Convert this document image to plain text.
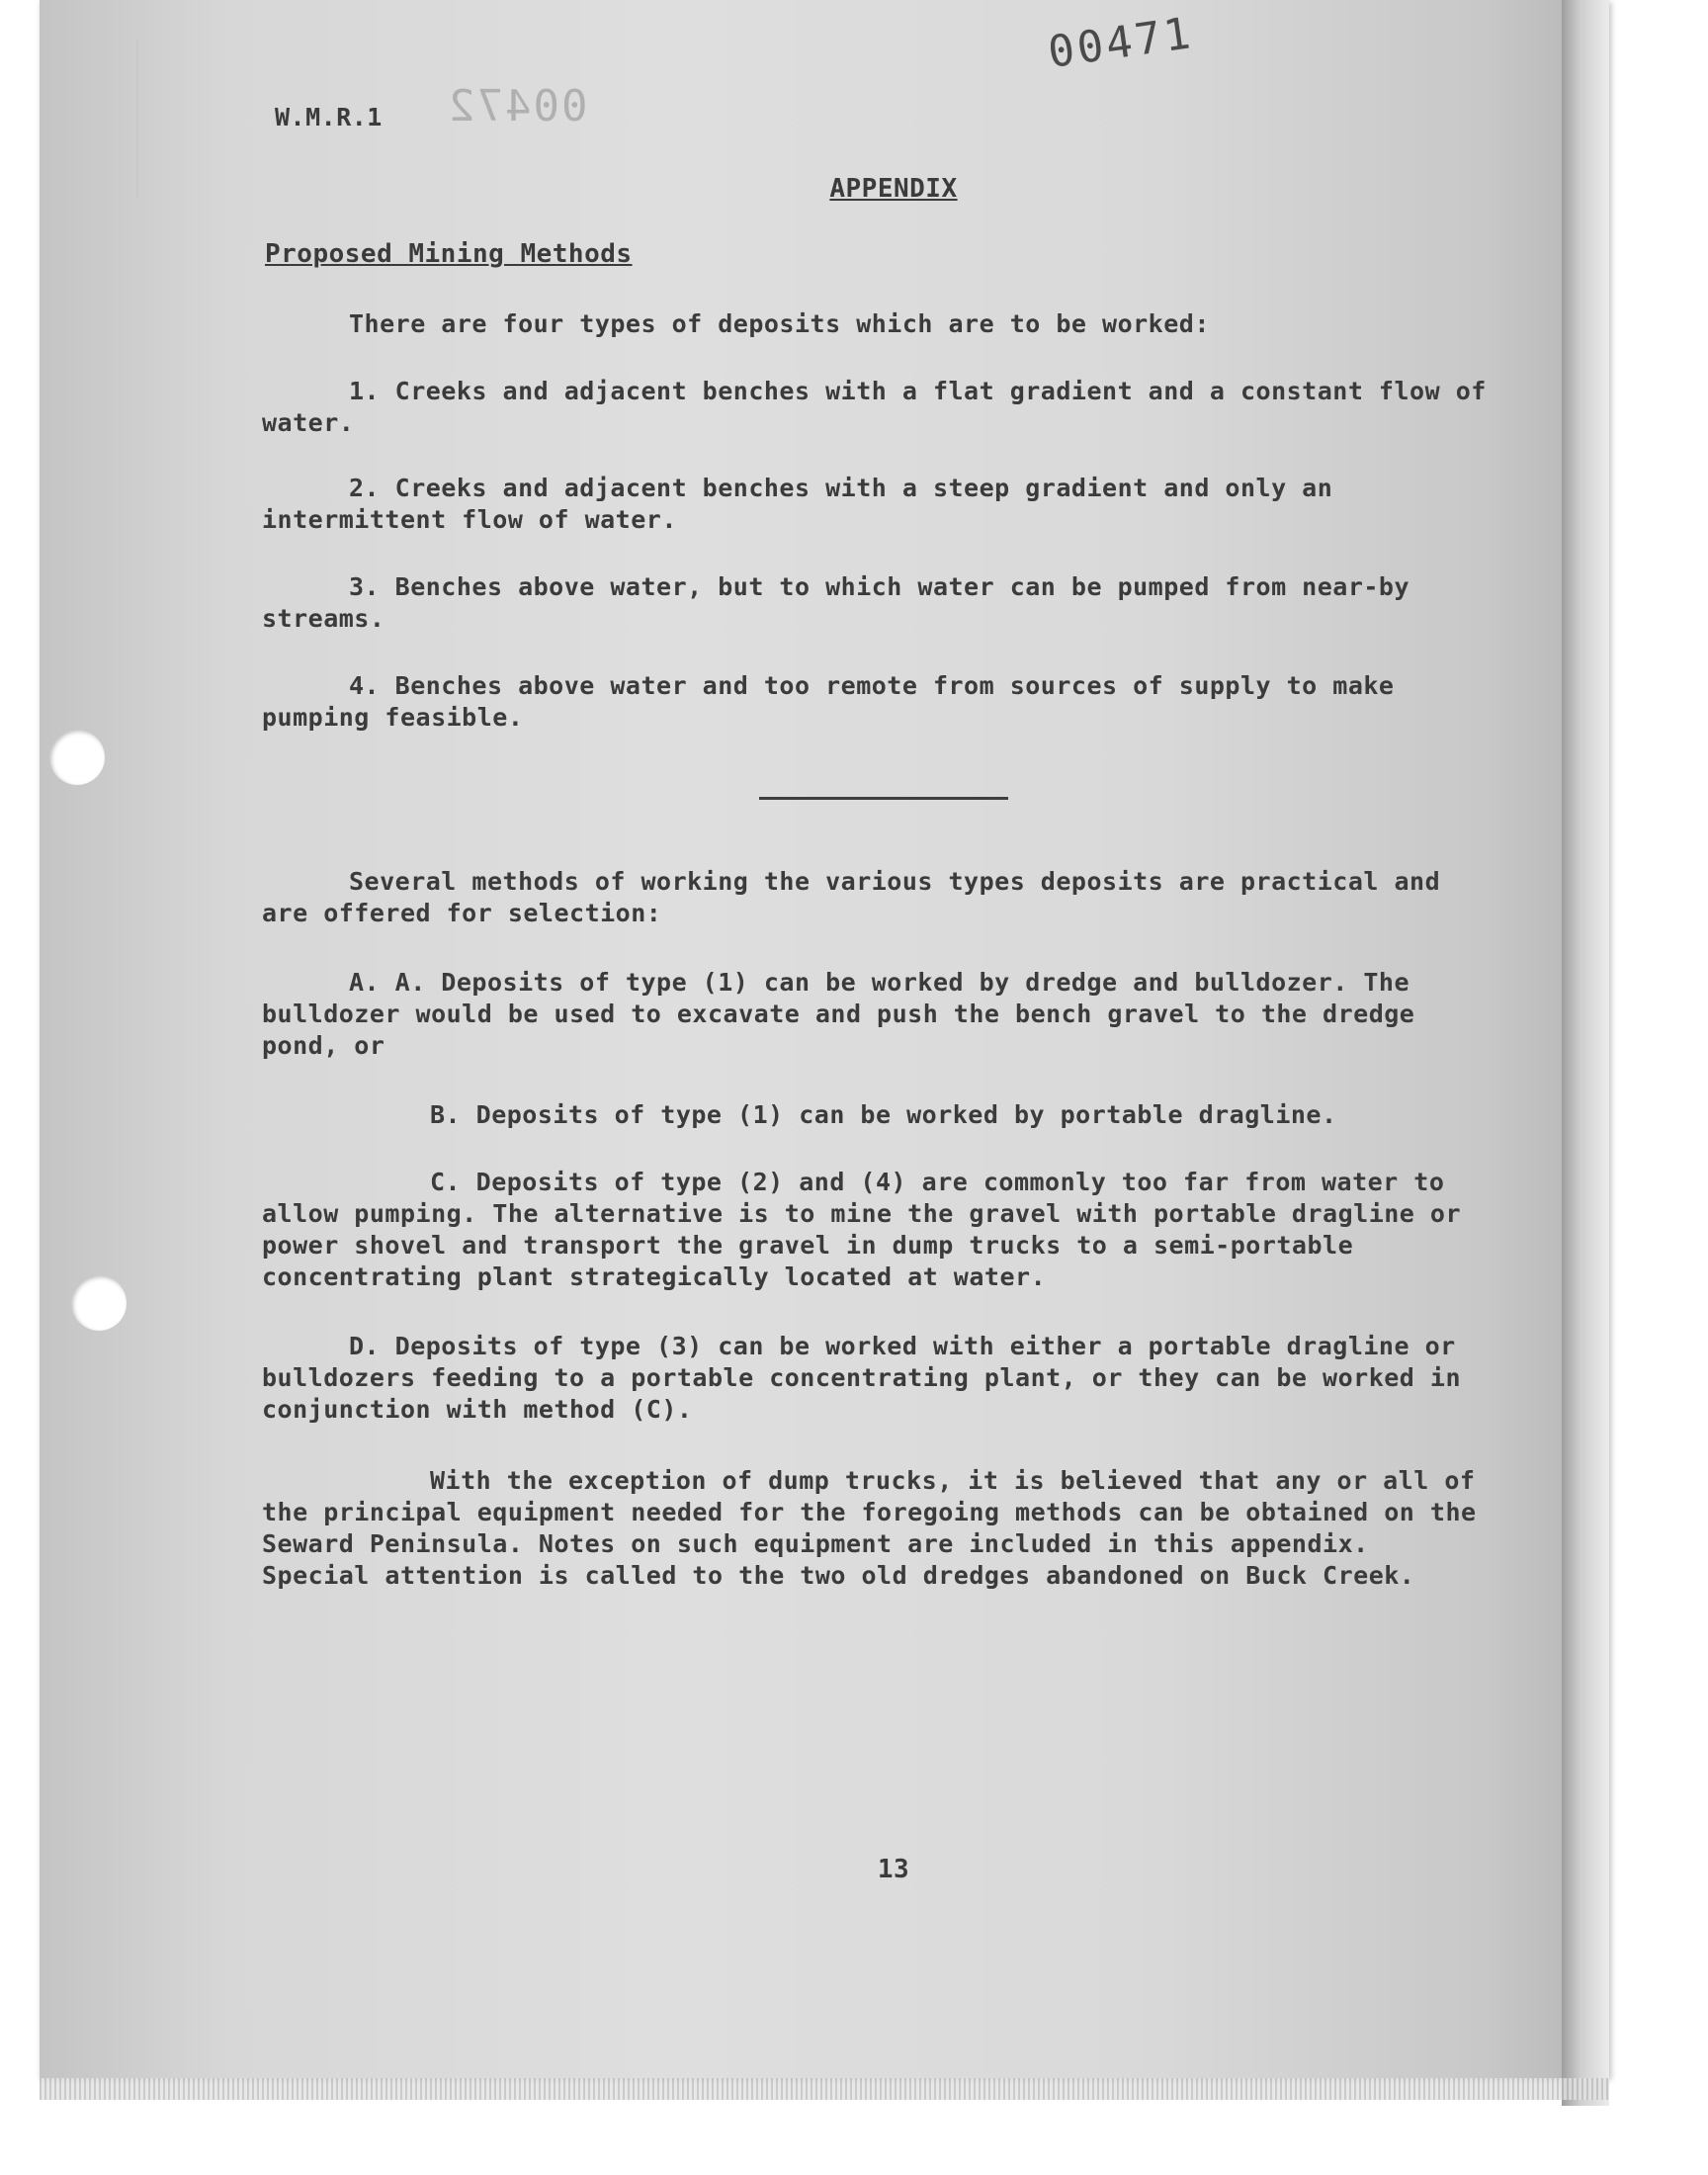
W.M.R.1 00472
00471
APPENDIX
Proposed Mining Methods
There are four types of deposits which are to be worked:
1. Creeks and adjacent benches with a flat gradient and a constant flow of water.
2. Creeks and adjacent benches with a steep gradient and only an intermittent flow of water.
3. Benches above water, but to which water can be pumped from near-by streams.
4. Benches above water and too remote from sources of supply to make pumping feasible.
Several methods of working the various types deposits are practical and are offered for selection:
A. A. Deposits of type (1) can be worked by dredge and bulldozer. The bulldozer would be used to excavate and push the bench gravel to the dredge pond, or
B. Deposits of type (1) can be worked by portable dragline.
C. Deposits of type (2) and (4) are commonly too far from water to allow pumping. The alternative is to mine the gravel with portable dragline or power shovel and transport the gravel in dump trucks to a semi-portable concentrating plant strategically located at water.
D. Deposits of type (3) can be worked with either a portable dragline or bulldozers feeding to a portable concentrating plant, or they can be worked in conjunction with method (C).
With the exception of dump trucks, it is believed that any or all of the principal equipment needed for the foregoing methods can be obtained on the Seward Peninsula. Notes on such equipment are included in this appendix. Special attention is called to the two old dredges abandoned on Buck Creek.
13
